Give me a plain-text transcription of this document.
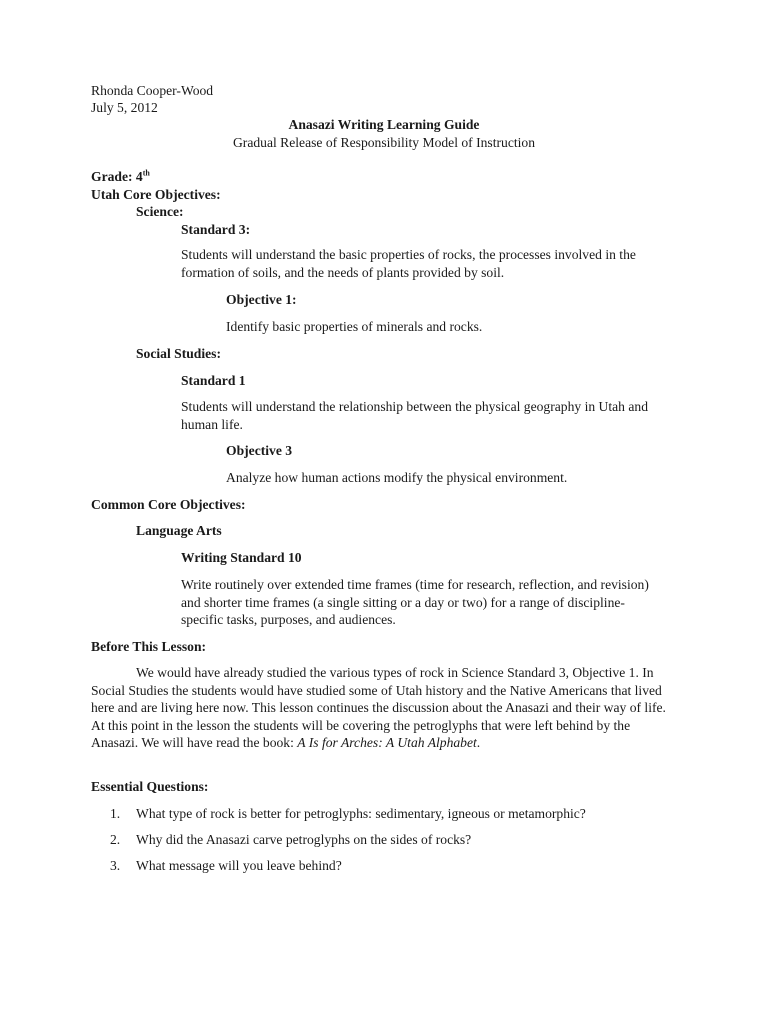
Rhonda Cooper-Wood
July 5, 2012
Anasazi Writing Learning Guide
Gradual Release of Responsibility Model of Instruction
Grade: 4th
Utah Core Objectives:
Science:
Standard 3:
Students will understand the basic properties of rocks, the processes involved in the formation of soils, and the needs of plants provided by soil.
Objective 1:
Identify basic properties of minerals and rocks.
Social Studies:
Standard 1
Students will understand the relationship between the physical geography in Utah and human life.
Objective 3
Analyze how human actions modify the physical environment.
Common Core Objectives:
Language Arts
Writing Standard 10
Write routinely over extended time frames (time for research, reflection, and revision) and shorter time frames (a single sitting or a day or two) for a range of discipline-specific tasks, purposes, and audiences.
Before This Lesson:
We would have already studied the various types of rock in Science Standard 3, Objective 1. In Social Studies the students would have studied some of Utah history and the Native Americans that lived here and are living here now. This lesson continues the discussion about the Anasazi and their way of life. At this point in the lesson the students will be covering the petroglyphs that were left behind by the Anasazi. We will have read the book: A Is for Arches: A Utah Alphabet.
Essential Questions:
1.	What type of rock is better for petroglyphs: sedimentary, igneous or metamorphic?
2.	Why did the Anasazi carve petroglyphs on the sides of rocks?
3.	What message will you leave behind?
